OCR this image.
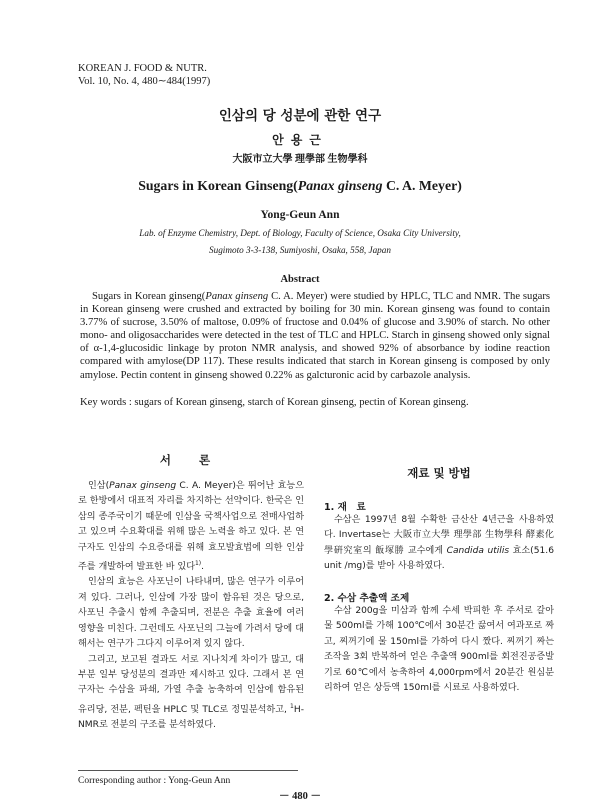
KOREAN J. FOOD & NUTR.
Vol. 10, No. 4, 480∼484(1997)
인삼의 당 성분에 관한 연구
안용근
大阪市立大學 理學部 生物學科
Sugars in Korean Ginseng(Panax ginseng C. A. Meyer)
Yong-Geun Ann
Lab. of Enzyme Chemistry, Dept. of Biology, Faculty of Science, Osaka City University,
Sugimoto 3-3-138, Sumiyoshi, Osaka, 558, Japan
Abstract

Sugars in Korean ginseng(Panax ginseng C. A. Meyer) were studied by HPLC, TLC and NMR. The sugars in Korean ginseng were crushed and extracted by boiling for 30 min. Korean ginseng was found to contain 3.77% of sucrose, 3.50% of maltose, 0.09% of fructose and 0.04% of glucose and 3.90% of starch. No other mono- and oligosaccharides were detected in the test of TLC and HPLC. Starch in ginseng showed only signal of α-1,4-glucosidic linkage by proton NMR analysis, and showed 92% of absorbance by iodine reaction compared with amylose(DP 117). These results indicated that starch in Korean ginseng is composed by only amylose. Pectin content in ginseng showed 0.22% as galcturonic acid by carbazole analysis.

Key words : sugars of Korean ginseng, starch of Korean ginseng, pectin of Korean ginseng.
서 론

인삼(Panax ginseng C. A. Meyer)은 뛰어난 효능으로 한방에서 대표적 자리를 차지하는 선약이다. 한국은 인삼의 종주국이기 때문에 인삼을 국책사업으로 전매사업하고 있으며 수요확대를 위해 많은 노력을 하고 있다. 본 연구자도 인삼의 수요증대를 위해 효모발효법에 의한 인삼주를 개발하여 발표한 바 있다$^{1)}$.

인삼의 효능은 사포닌이 나타내며, 많은 연구가 이루어져 있다. 그러나, 인삼에 가장 많이 함유된 것은 당으로, 사포닌 추출시 함께 추출되며, 전분은 추출 효율에 여러 영향을 미친다. 그런데도 사포닌의 그늘에 가려서 당에 대해서는 연구가 그다지 이루어져 있지 않다.

그리고, 보고된 결과도 서로 지나치게 차이가 많고, 대부분 일부 당성분의 결과만 제시하고 있다. 그래서 본 연구자는 수삼을 파쇄, 가열 추출 농축하여 인삼에 함유된 유리당, 전분, 펙틴을 HPLC 및 TLC로 정밀분석하고, $^1$H-NMR로 전분의 구조를 분석하였다.

재료 및 방법
1. 재　료

수삼은 1997년 8월 수확한 금산산 4년근을 사용하였다. Invertase는 大阪市立大學 理學部 生物學科 酵素化學硏究室의 飯塚勝 교수에게 Candida utilis 효소(51.6 unit /mg)를 받아 사용하였다.

2. 수삼 추출액 조제

수삼 200g을 미삼과 함께 수세 박피한 후 주서로 갈아 물 500ml를 가해 100℃에서 30분간 끓여서 여과포로 짜고, 찌꺼기에 물 150ml를 가하여 다시 짰다. 찌꺼기 짜는 조작을 3회 반복하여 얻은 추출액 900ml를 회전진공증발기로 60℃에서 농축하여 4,000rpm에서 20분간 원심분리하여 얻은 상등액 150ml를 시료로 사용하였다.

Corresponding author : Yong-Geun Ann
－ 480 －
